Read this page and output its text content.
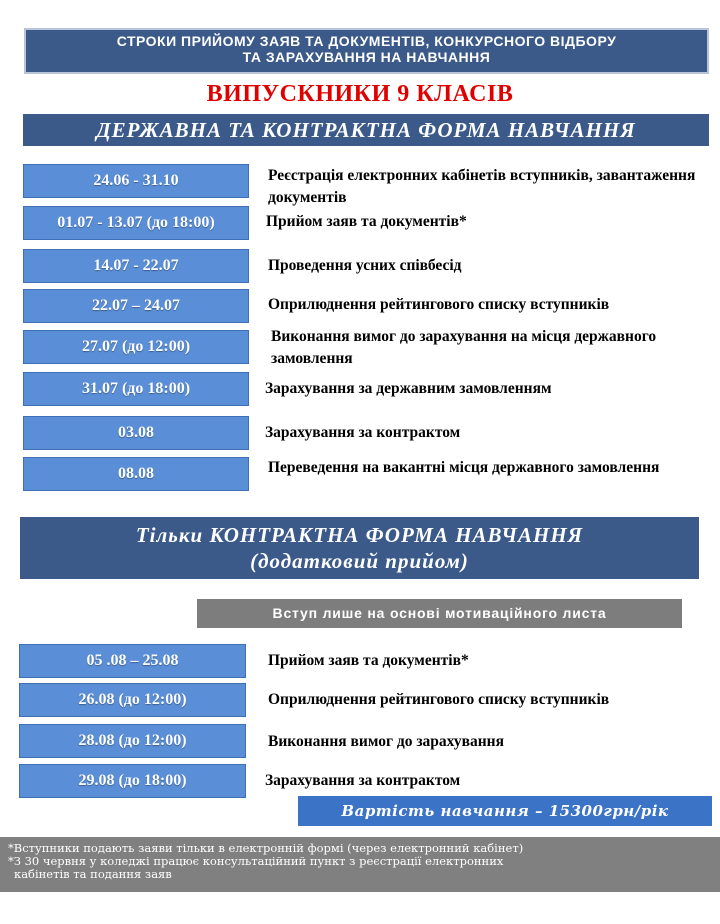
СТРОКИ ПРИЙОМУ ЗАЯВ ТА ДОКУМЕНТІВ, КОНКУРСНОГО ВІДБОРУ
ТА ЗАРАХУВАННЯ НА НАВЧАННЯ
ВИПУСКНИКИ 9 КЛАСІВ
ДЕРЖАВНА ТА КОНТРАКТНА ФОРМА НАВЧАННЯ
24.06 - 31.10
01.07 - 13.07 (до 18:00)
14.07 - 22.07
22.07 – 24.07
27.07 (до 12:00)
31.07 (до 18:00)
03.08
08.08
Реєстрація електронних кабінетів вступників, завантаження документів
Прийом заяв та документів*
Проведення усних співбесід
Оприлюднення рейтингового списку вступників
Виконання вимог до зарахування на місця державного замовлення
Зарахування за державним замовленням
Зарахування за контрактом
Переведення на вакантні місця державного замовлення
Тільки КОНТРАКТНА ФОРМА НАВЧАННЯ
(додатковий прийом)
Вступ лише на основі мотиваційного листа
05 .08 – 25.08
26.08 (до 12:00)
28.08 (до 12:00)
29.08 (до 18:00)
Прийом заяв та документів*
Оприлюднення рейтингового списку вступників
Виконання вимог до зарахування
Зарахування за контрактом
Вартість навчання – 15300грн/рік
*Вступники подають заяви тільки в електронній формі (через електронний кабінет)
*З 30 червня у коледжі працює консультаційний пункт з реєстрації електронних
кабінетів та подання заяв
